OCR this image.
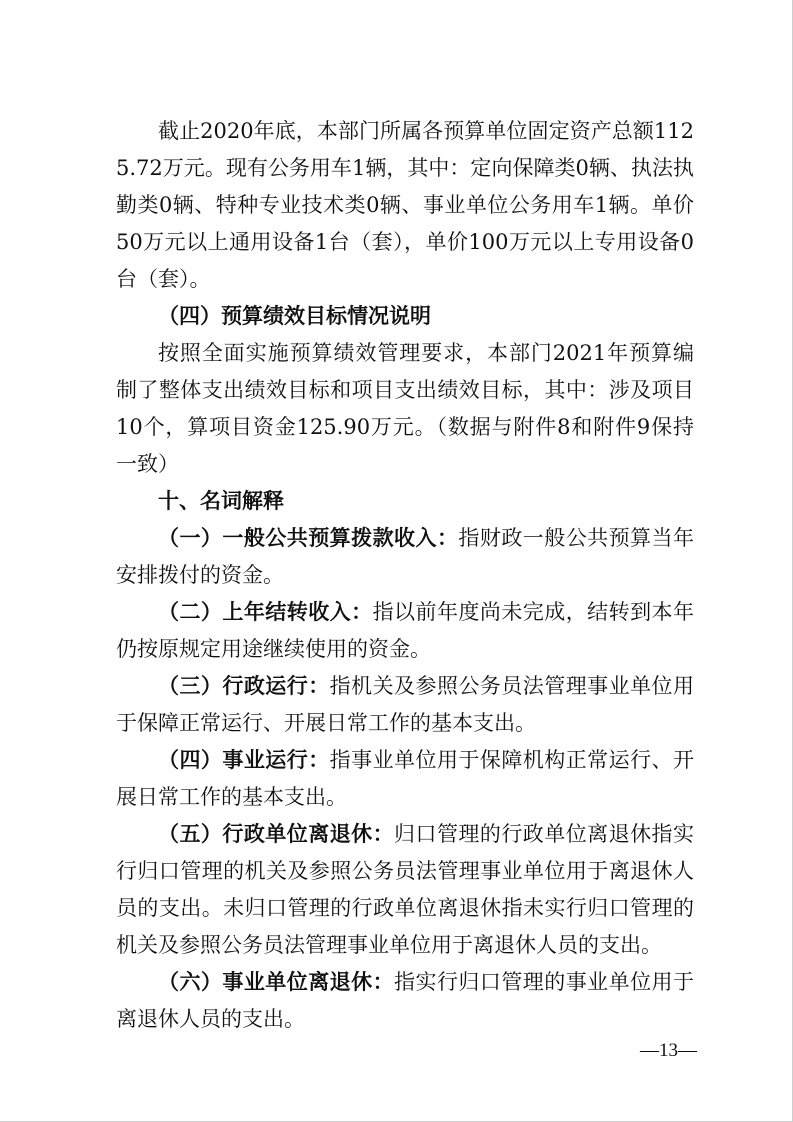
截止2020年底，本部门所属各预算单位固定资产总额1125.72万元。现有公务用车1辆，其中：定向保障类0辆、执法执勤类0辆、特种专业技术类0辆、事业单位公务用车1辆。单价50万元以上通用设备1台（套），单价100万元以上专用设备0台（套）。

（四）预算绩效目标情况说明

按照全面实施预算绩效管理要求，本部门2021年预算编制了整体支出绩效目标和项目支出绩效目标，其中：涉及项目10个，算项目资金125.90万元。（数据与附件8和附件9保持一致）

十、名词解释

（一）一般公共预算拨款收入：指财政一般公共预算当年安排拨付的资金。

（二）上年结转收入：指以前年度尚未完成，结转到本年仍按原规定用途继续使用的资金。

（三）行政运行：指机关及参照公务员法管理事业单位用于保障正常运行、开展日常工作的基本支出。

（四）事业运行：指事业单位用于保障机构正常运行、开展日常工作的基本支出。

（五）行政单位离退休：归口管理的行政单位离退休指实行归口管理的机关及参照公务员法管理事业单位用于离退休人员的支出。未归口管理的行政单位离退休指未实行归口管理的机关及参照公务员法管理事业单位用于离退休人员的支出。

（六）事业单位离退休：指实行归口管理的事业单位用于离退休人员的支出。

—13—
